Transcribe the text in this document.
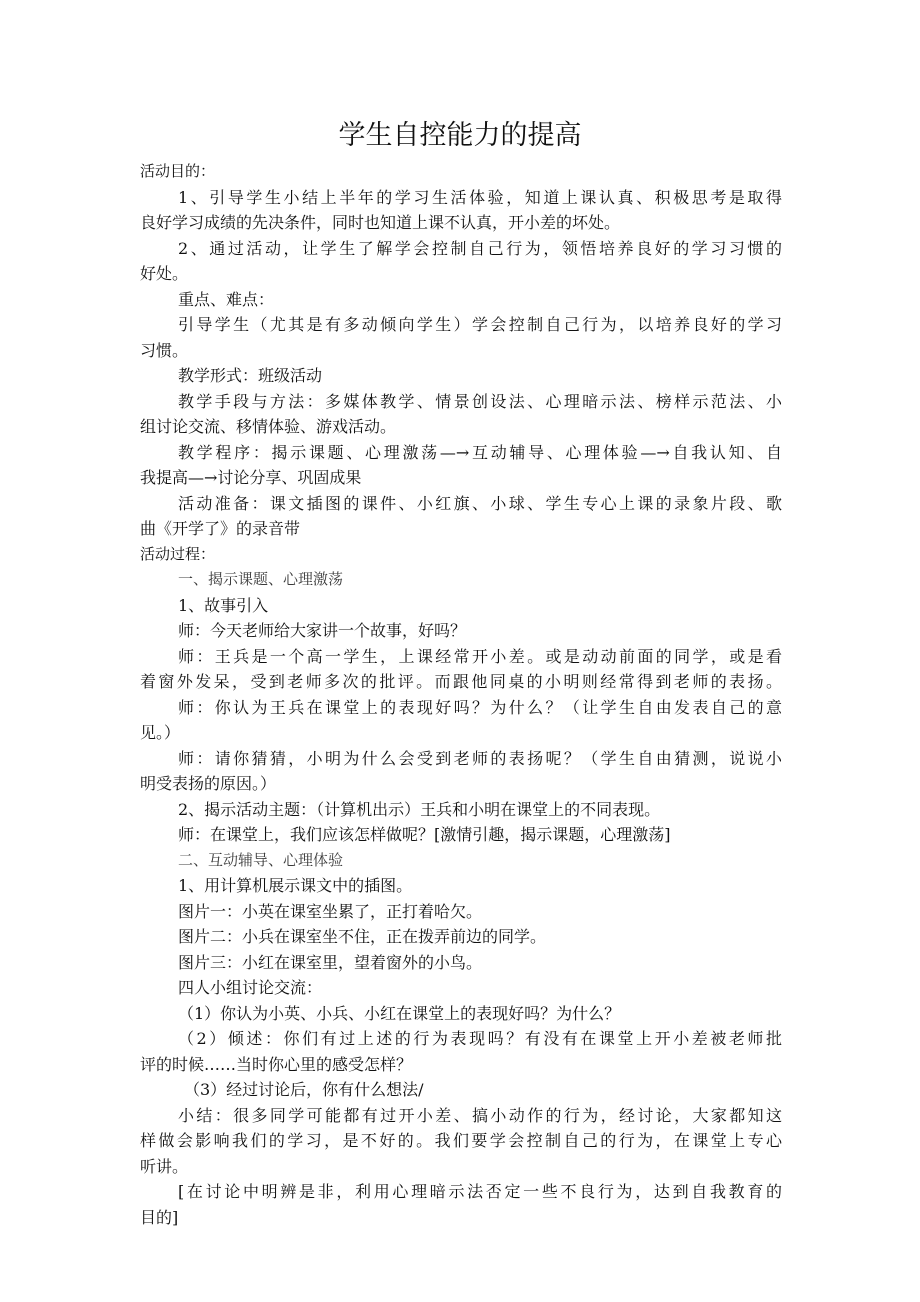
学生自控能力的提高
活动目的：
1、引导学生小结上半年的学习生活体验，知道上课认真、积极思考是取得
良好学习成绩的先决条件，同时也知道上课不认真，开小差的坏处。
2、通过活动，让学生了解学会控制自己行为，领悟培养良好的学习习惯的
好处。
重点、难点：
引导学生（尤其是有多动倾向学生）学会控制自己行为，以培养良好的学习
习惯。
教学形式：班级活动
教学手段与方法：多媒体教学、情景创设法、心理暗示法、榜样示范法、小
组讨论交流、移情体验、游戏活动。
教学程序：揭示课题、心理激荡—→互动辅导、心理体验—→自我认知、自
我提高—→讨论分享、巩固成果
活动准备：课文插图的课件、小红旗、小球、学生专心上课的录象片段、歌
曲《开学了》的录音带
活动过程：
一、揭示课题、心理激荡
1、故事引入
师：今天老师给大家讲一个故事，好吗？
师：王兵是一个高一学生，上课经常开小差。或是动动前面的同学，或是看
着窗外发呆，受到老师多次的批评。而跟他同桌的小明则经常得到老师的表扬。
师：你认为王兵在课堂上的表现好吗？为什么？（让学生自由发表自己的意
见。）
师：请你猜猜，小明为什么会受到老师的表扬呢？（学生自由猜测，说说小
明受表扬的原因。）
2、揭示活动主题：（计算机出示）王兵和小明在课堂上的不同表现。
师：在课堂上，我们应该怎样做呢？[激情引趣，揭示课题，心理激荡]
二、互动辅导、心理体验
1、用计算机展示课文中的插图。
图片一：小英在课室坐累了，正打着哈欠。
图片二：小兵在课室坐不住，正在拨弄前边的同学。
图片三：小红在课室里，望着窗外的小鸟。
四人小组讨论交流：
（1）你认为小英、小兵、小红在课堂上的表现好吗？为什么？
（2）倾述：你们有过上述的行为表现吗？有没有在课堂上开小差被老师批
评的时候……当时你心里的感受怎样？
（3）经过讨论后，你有什么想法/
小结：很多同学可能都有过开小差、搞小动作的行为，经讨论，大家都知这
样做会影响我们的学习，是不好的。我们要学会控制自己的行为，在课堂上专心
听讲。
[在讨论中明辨是非，利用心理暗示法否定一些不良行为，达到自我教育的
目的]
